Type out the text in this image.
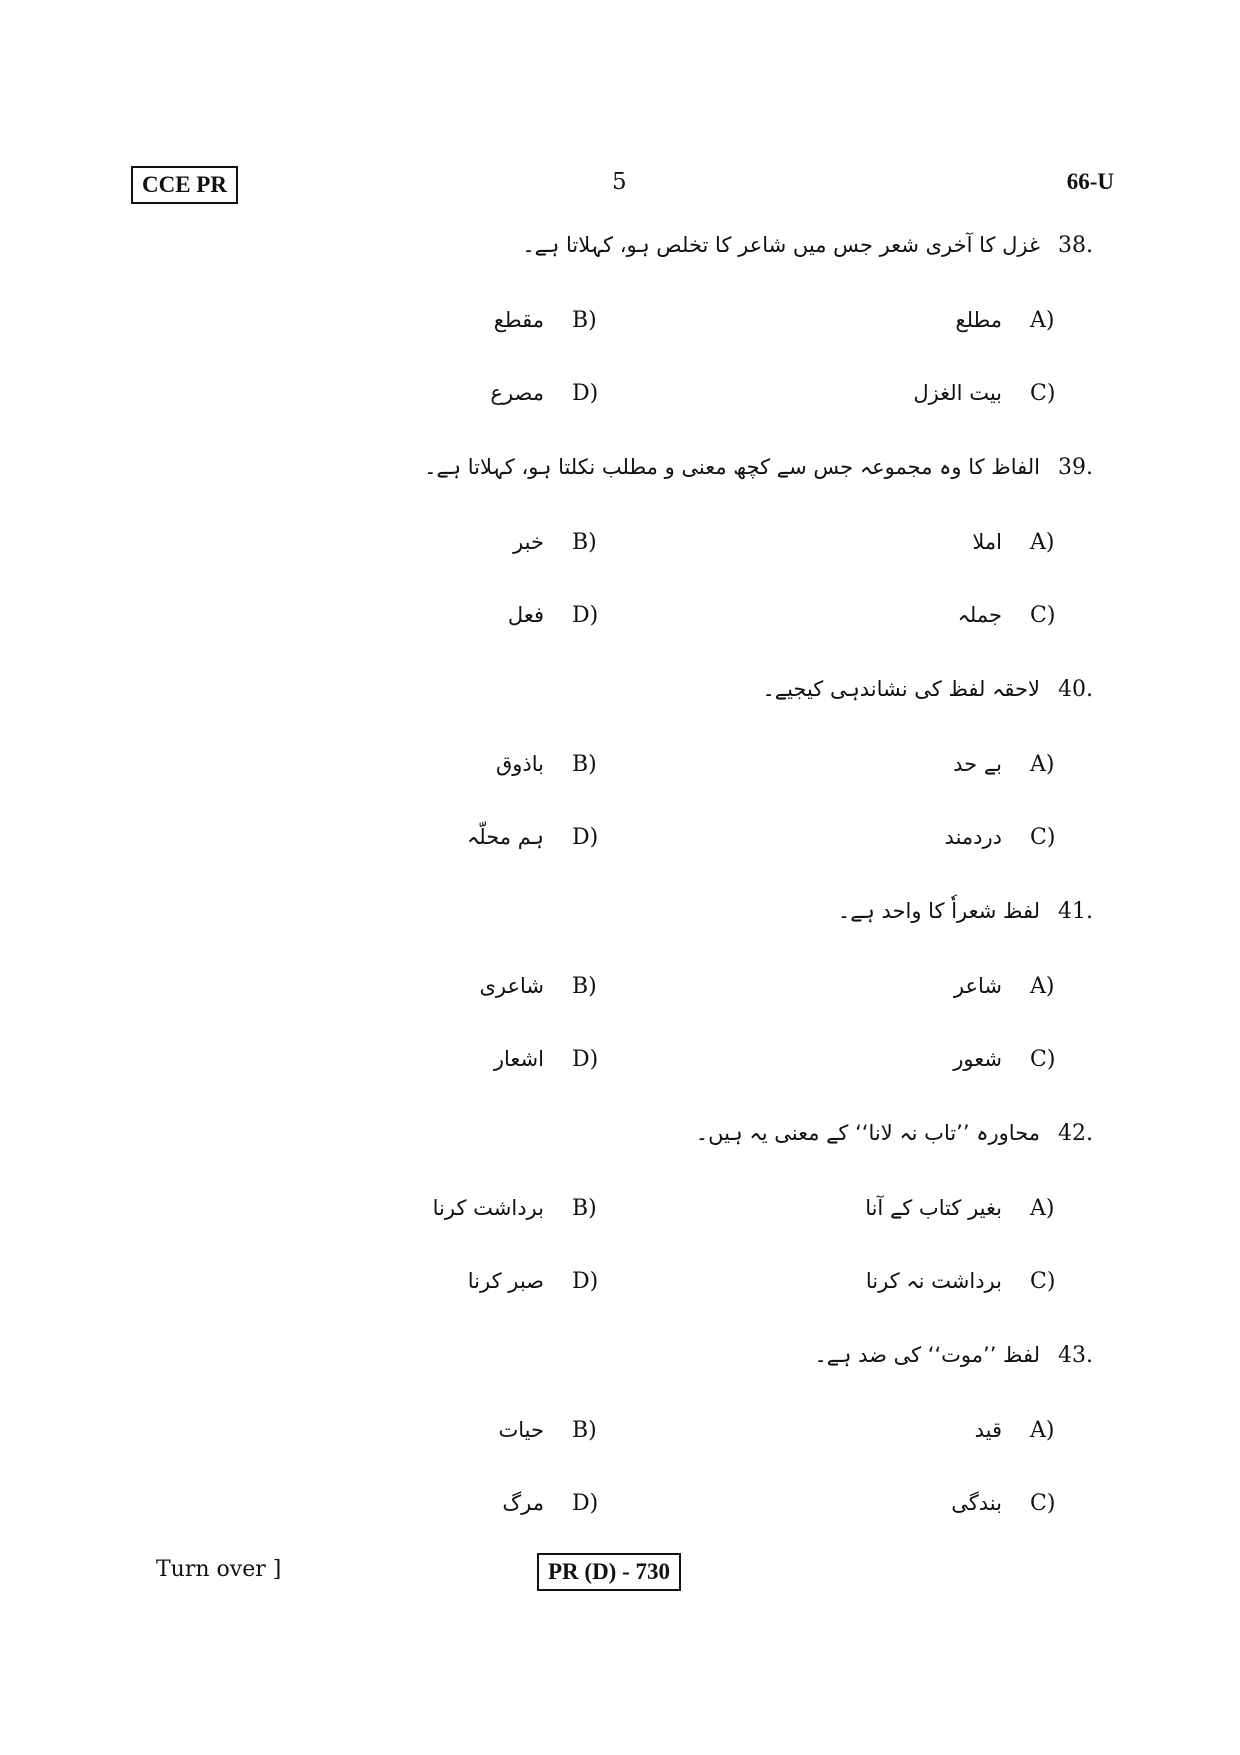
CCE PR	5	66-U
38.
غزل کا آخری شعر جس میں شاعر کا تخلص ہو، کہلاتا ہے۔
A)
مطلع
B)
مقطع
C)
بیت الغزل
D)
مصرع
39.
الفاظ کا وہ مجموعہ جس سے کچھ معنی و مطلب نکلتا ہو، کہلاتا ہے۔
A)
املا
B)
خبر
C)
جملہ
D)
فعل
40.
لاحقہ لفظ کی نشاندہی کیجیے۔
A)
بے حد
B)
باذوق
C)
دردمند
D)
ہم محلّہ
41.
لفظ شعراٗ کا واحد ہے۔
A)
شاعر
B)
شاعری
C)
شعور
D)
اشعار
42.
محاورہ ’’تاب نہ لانا‘‘ کے معنی یہ ہیں۔
A)
بغیر کتاب کے آنا
B)
برداشت کرنا
C)
برداشت نہ کرنا
D)
صبر کرنا
43.
لفظ ’’موت‘‘ کی ضد ہے۔
A)
قید
B)
حیات
C)
بندگی
D)
مرگ
Turn over ]	PR (D) - 730
